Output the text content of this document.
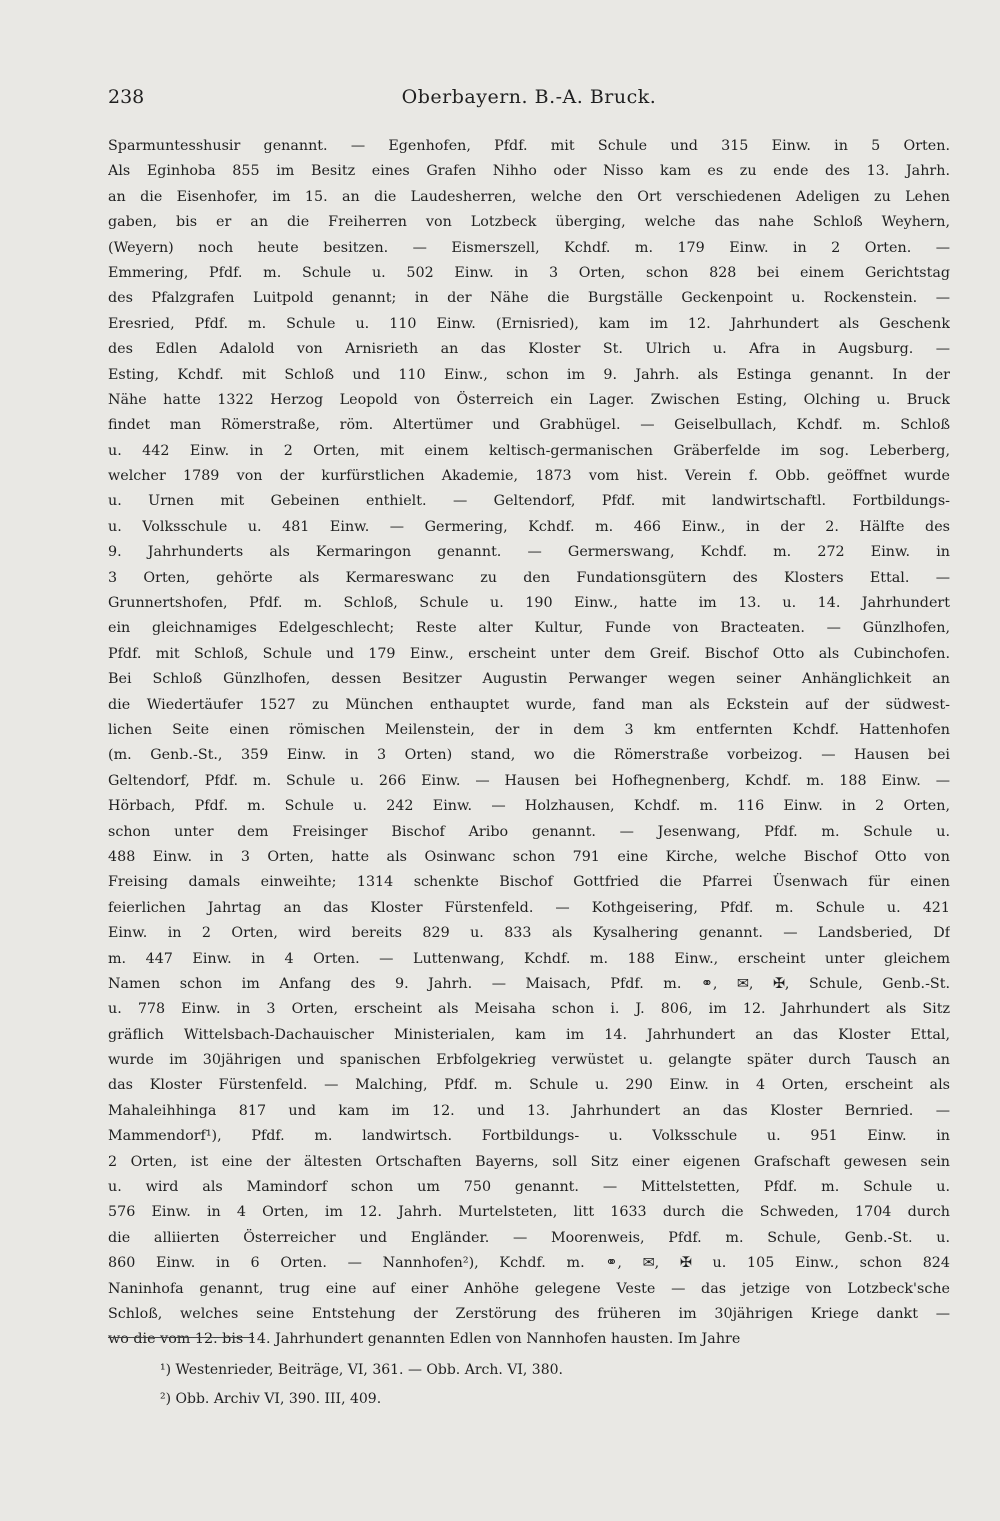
238	Oberbayern. B.-A. Bruck.
Sparmuntesshusir genannt. — Egenhofen, Pfdf. mit Schule und 315 Einw. in 5 Orten.
Als Eginhoba 855 im Besitz eines Grafen Nihho oder Nisso kam es zu ende des 13. Jahrh.
an die Eisenhofer, im 15. an die Laudesherren, welche den Ort verschiedenen Adeligen zu Lehen
gaben, bis er an die Freiherren von Lotzbeck überging, welche das nahe Schloß Weyhern,
(Weyern) noch heute besitzen. — Eismerszell, Kchdf. m. 179 Einw. in 2 Orten. —
Emmering, Pfdf. m. Schule u. 502 Einw. in 3 Orten, schon 828 bei einem Gerichtstag
des Pfalzgrafen Luitpold genannt; in der Nähe die Burgställe Geckenpoint u. Rockenstein. —
Eresried, Pfdf. m. Schule u. 110 Einw. (Ernisried), kam im 12. Jahrhundert als Geschenk
des Edlen Adalold von Arnisrieth an das Kloster St. Ulrich u. Afra in Augsburg. —
Esting, Kchdf. mit Schloß und 110 Einw., schon im 9. Jahrh. als Estinga genannt. In der
Nähe hatte 1322 Herzog Leopold von Österreich ein Lager. Zwischen Esting, Olching u. Bruck
findet man Römerstraße, röm. Altertümer und Grabhügel. — Geiselbullach, Kchdf. m. Schloß
u. 442 Einw. in 2 Orten, mit einem keltisch-germanischen Gräberfelde im sog. Leberberg,
welcher 1789 von der kurfürstlichen Akademie, 1873 vom hist. Verein f. Obb. geöffnet wurde
u. Urnen mit Gebeinen enthielt. — Geltendorf, Pfdf. mit landwirtschaftl. Fortbildungs-
u. Volksschule u. 481 Einw. — Germering, Kchdf. m. 466 Einw., in der 2. Hälfte des
9. Jahrhunderts als Kermaringon genannt. — Germerswang, Kchdf. m. 272 Einw. in
3 Orten, gehörte als Kermareswanc zu den Fundationsgütern des Klosters Ettal. —
Grunnertshofen, Pfdf. m. Schloß, Schule u. 190 Einw., hatte im 13. u. 14. Jahrhundert
ein gleichnamiges Edelgeschlecht; Reste alter Kultur, Funde von Bracteaten. — Günzlhofen,
Pfdf. mit Schloß, Schule und 179 Einw., erscheint unter dem Greif. Bischof Otto als Cubinchofen.
Bei Schloß Günzlhofen, dessen Besitzer Augustin Perwanger wegen seiner Anhänglichkeit an
die Wiedertäufer 1527 zu München enthauptet wurde, fand man als Eckstein auf der südwest-
lichen Seite einen römischen Meilenstein, der in dem 3 km entfernten Kchdf. Hattenhofen
(m. Genb.-St., 359 Einw. in 3 Orten) stand, wo die Römerstraße vorbeizog. — Hausen bei
Geltendorf, Pfdf. m. Schule u. 266 Einw. — Hausen bei Hofhegnenberg, Kchdf. m. 188 Einw. —
Hörbach, Pfdf. m. Schule u. 242 Einw. — Holzhausen, Kchdf. m. 116 Einw. in 2 Orten,
schon unter dem Freisinger Bischof Aribo genannt. — Jesenwang, Pfdf. m. Schule u.
488 Einw. in 3 Orten, hatte als Osinwanc schon 791 eine Kirche, welche Bischof Otto von
Freising damals einweihte; 1314 schenkte Bischof Gottfried die Pfarrei Üsenwach für einen
feierlichen Jahrtag an das Kloster Fürstenfeld. — Kothgeisering, Pfdf. m. Schule u. 421
Einw. in 2 Orten, wird bereits 829 u. 833 als Kysalhering genannt. — Landsberied, Df
m. 447 Einw. in 4 Orten. — Luttenwang, Kchdf. m. 188 Einw., erscheint unter gleichem
Namen schon im Anfang des 9. Jahrh. — Maisach, Pfdf. m. ⚭, ✉, ✠, Schule, Genb.-St.
u. 778 Einw. in 3 Orten, erscheint als Meisaha schon i. J. 806, im 12. Jahrhundert als Sitz
gräflich Wittelsbach-Dachauischer Ministerialen, kam im 14. Jahrhundert an das Kloster Ettal,
wurde im 30jährigen und spanischen Erbfolgekrieg verwüstet u. gelangte später durch Tausch an
das Kloster Fürstenfeld. — Malching, Pfdf. m. Schule u. 290 Einw. in 4 Orten, erscheint als
Mahaleihhinga 817 und kam im 12. und 13. Jahrhundert an das Kloster Bernried. —
Mammendorf¹), Pfdf. m. landwirtsch. Fortbildungs- u. Volksschule u. 951 Einw. in
2 Orten, ist eine der ältesten Ortschaften Bayerns, soll Sitz einer eigenen Grafschaft gewesen sein
u. wird als Mamindorf schon um 750 genannt. — Mittelstetten, Pfdf. m. Schule u.
576 Einw. in 4 Orten, im 12. Jahrh. Murtelsteten, litt 1633 durch die Schweden, 1704 durch
die alliierten Österreicher und Engländer. — Moorenweis, Pfdf. m. Schule, Genb.-St. u.
860 Einw. in 6 Orten. — Nannhofen²), Kchdf. m. ⚭, ✉, ✠ u. 105 Einw., schon 824
Naninhofa genannt, trug eine auf einer Anhöhe gelegene Veste — das jetzige von Lotzbeck'sche
Schloß, welches seine Entstehung der Zerstörung des früheren im 30jährigen Kriege dankt —
wo die vom 12. bis 14. Jahrhundert genannten Edlen von Nannhofen hausten. Im Jahre
¹) Westenrieder, Beiträge, VI, 361. — Obb. Arch. VI, 380.
²) Obb. Archiv VI, 390. III, 409.
